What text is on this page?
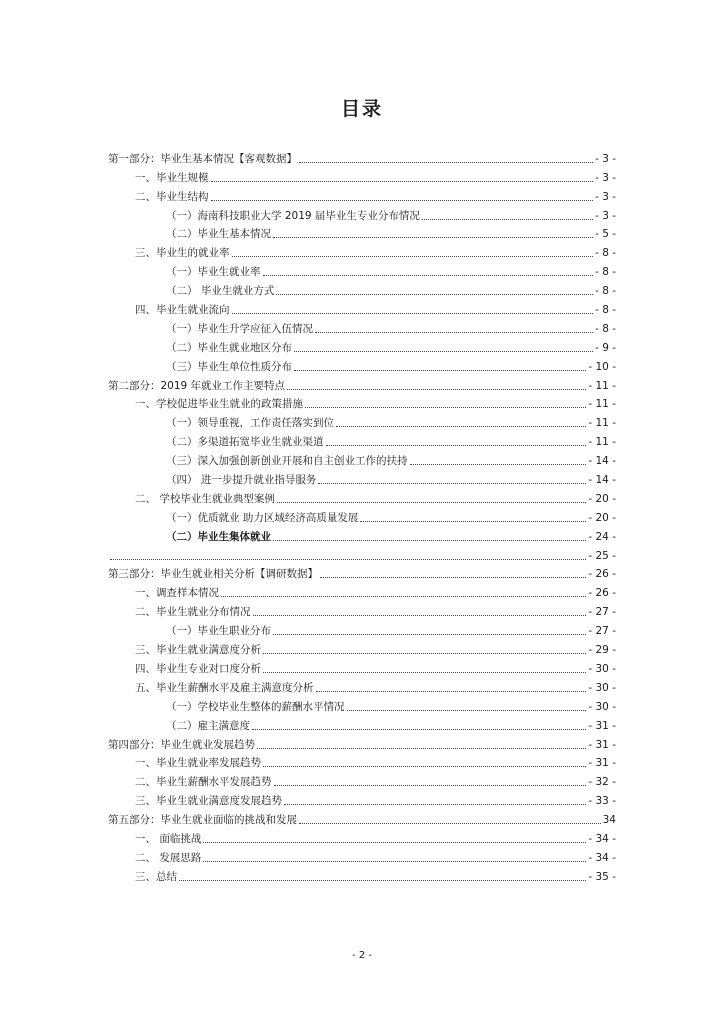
目录
第一部分：毕业生基本情况【客观数据】	- 3 -
一、毕业生规模	- 3 -
二、毕业生结构	- 3 -
（一）海南科技职业大学 2019 届毕业生专业分布情况	- 3 -
（二）毕业生基本情况	- 5 -
三、毕业生的就业率	- 8 -
（一）毕业生就业率	- 8 -
（二） 毕业生就业方式	- 8 -
四、毕业生就业流向	- 8 -
（一）毕业生升学应征入伍情况	- 8 -
（二）毕业生就业地区分布	- 9 -
（三）毕业生单位性质分布	- 10 -
第二部分：2019 年就业工作主要特点	- 11 -
一、学校促进毕业生就业的政策措施	- 11 -
（一）领导重视，工作责任落实到位	- 11 -
（二）多渠道拓宽毕业生就业渠道	- 11 -
（三）深入加强创新创业开展和自主创业工作的扶持	- 14 -
（四） 进一步提升就业指导服务	- 14 -
二、 学校毕业生就业典型案例	- 20 -
（一）优质就业 助力区域经济高质量发展	- 20 -
（二）毕业生集体就业	- 24 -
- 25 -
第三部分：毕业生就业相关分析【调研数据】	- 26 -
一、调查样本情况	- 26 -
二、毕业生就业分布情况	- 27 -
（一）毕业生职业分布	- 27 -
三、毕业生就业满意度分析	- 29 -
四、毕业生专业对口度分析	- 30 -
五、毕业生薪酬水平及雇主满意度分析	- 30 -
（一）学校毕业生整体的薪酬水平情况	- 30 -
（二）雇主满意度	- 31 -
第四部分：毕业生就业发展趋势	- 31 -
一、毕业生就业率发展趋势	- 31 -
二、毕业生薪酬水平发展趋势	- 32 -
三、毕业生就业满意度发展趋势	- 33 -
第五部分：毕业生就业面临的挑战和发展	34
一、 面临挑战	- 34 -
二、 发展思路	- 34 -
三、总结	- 35 -
- 2 -
